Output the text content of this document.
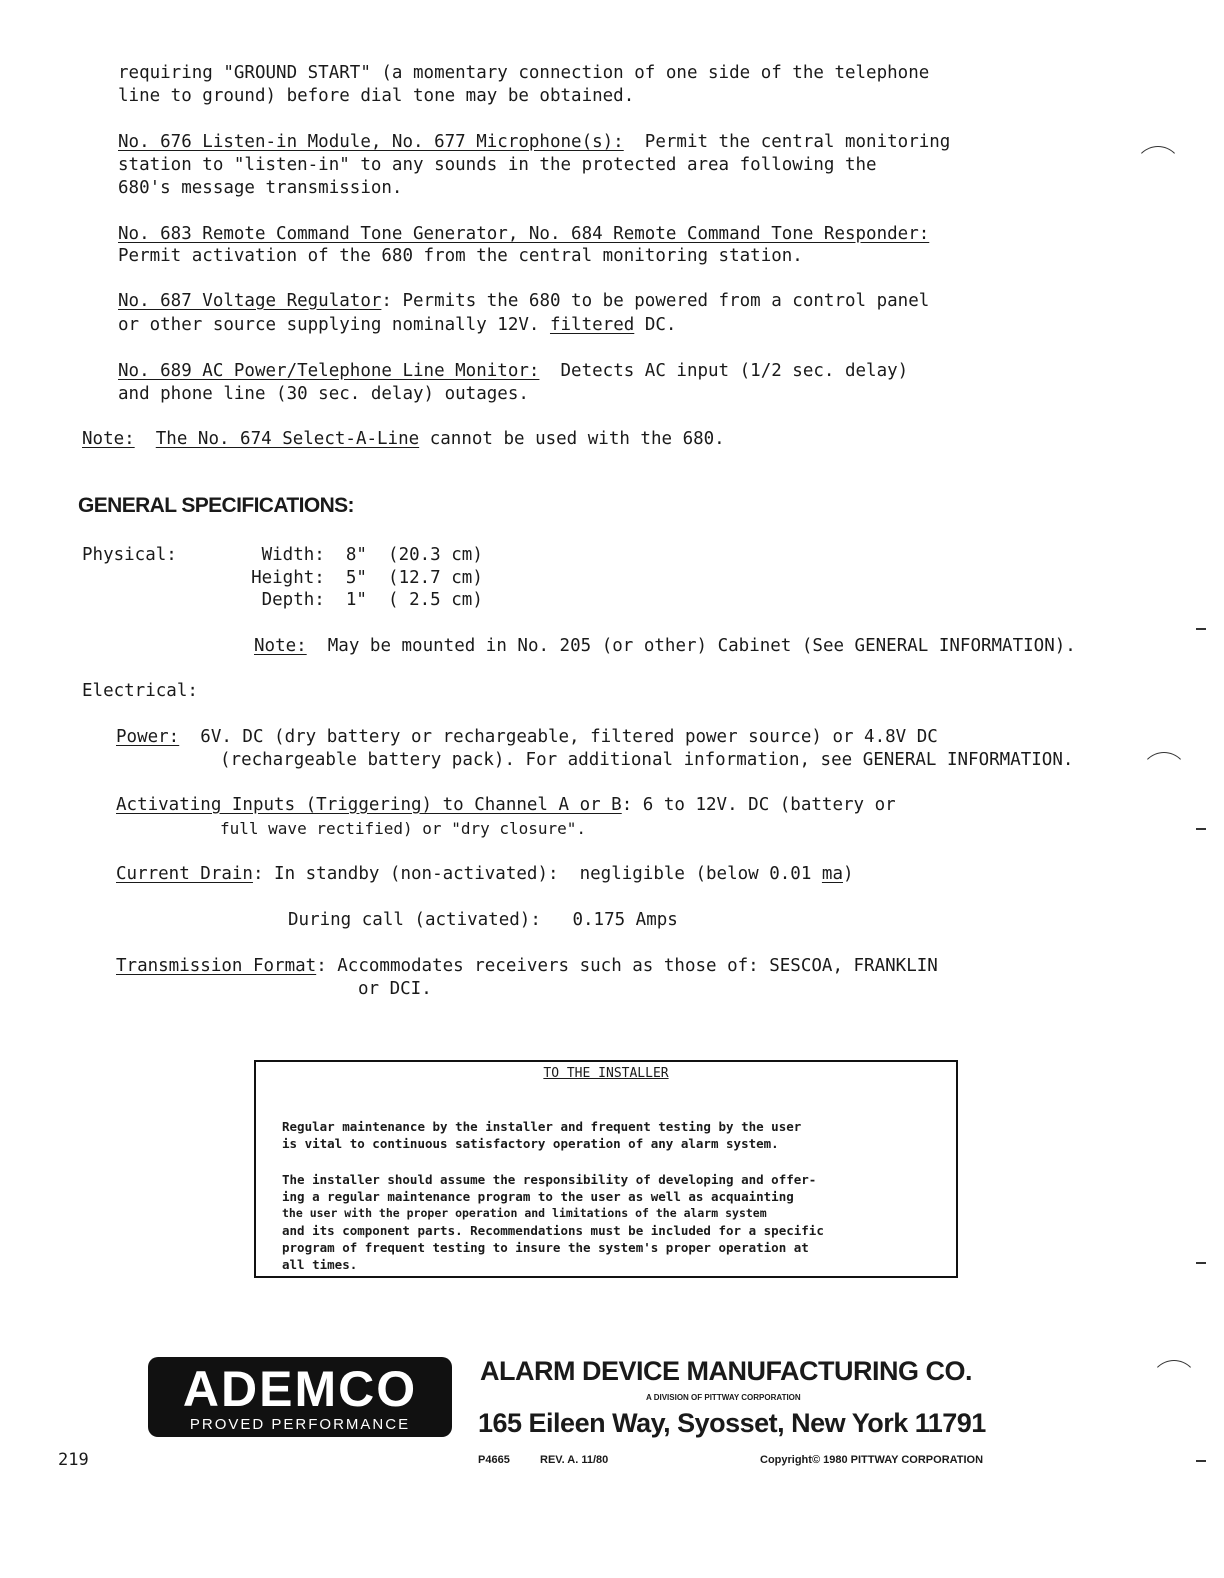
requiring "GROUND START" (a momentary connection of one side of the telephone
line to ground) before dial tone may be obtained.
No. 676 Listen-in Module, No. 677 Microphone(s):  Permit the central monitoring
station to "listen-in" to any sounds in the protected area following the
680's message transmission.
No. 683 Remote Command Tone Generator, No. 684 Remote Command Tone Responder:
Permit activation of the 680 from the central monitoring station.
No. 687 Voltage Regulator: Permits the 680 to be powered from a control panel
or other source supplying nominally 12V. filtered DC.
No. 689 AC Power/Telephone Line Monitor:  Detects AC input (1/2 sec. delay)
and phone line (30 sec. delay) outages.
Note: The No. 674 Select-A-Line cannot be used with the 680.
GENERAL SPECIFICATIONS:
Physical:	Width:  8"  (20.3 cm)
Height:  5"  (12.7 cm)
Depth:  1"  ( 2.5 cm)
Note:  May be mounted in No. 205 (or other) Cabinet (See GENERAL INFORMATION).
Electrical:
Power:  6V. DC (dry battery or rechargeable, filtered power source) or 4.8V DC
(rechargeable battery pack). For additional information, see GENERAL INFORMATION.
Activating Inputs (Triggering) to Channel A or B: 6 to 12V. DC (battery or
full wave rectified) or "dry closure".
Current Drain: In standby (non-activated):  negligible (below 0.01 ma)
During call (activated):   0.175 Amps
Transmission Format: Accommodates receivers such as those of: SESCOA, FRANKLIN
or DCI.
TO THE INSTALLER
Regular maintenance by the installer and frequent testing by the user
is vital to continuous satisfactory operation of any alarm system.
The installer should assume the responsibility of developing and offer-
ing a regular maintenance program to the user as well as acquainting
the user with the proper operation and limitations of the alarm system
and its component parts. Recommendations must be included for a specific
program of frequent testing to insure the system's proper operation at
all times.
ADEMCO
PROVED PERFORMANCE
ALARM DEVICE MANUFACTURING CO.
A DIVISION OF PITTWAY CORPORATION
165 Eileen Way, Syosset, New York 11791
P4665	REV. A. 11/80	Copyright© 1980 PITTWAY CORPORATION
219
